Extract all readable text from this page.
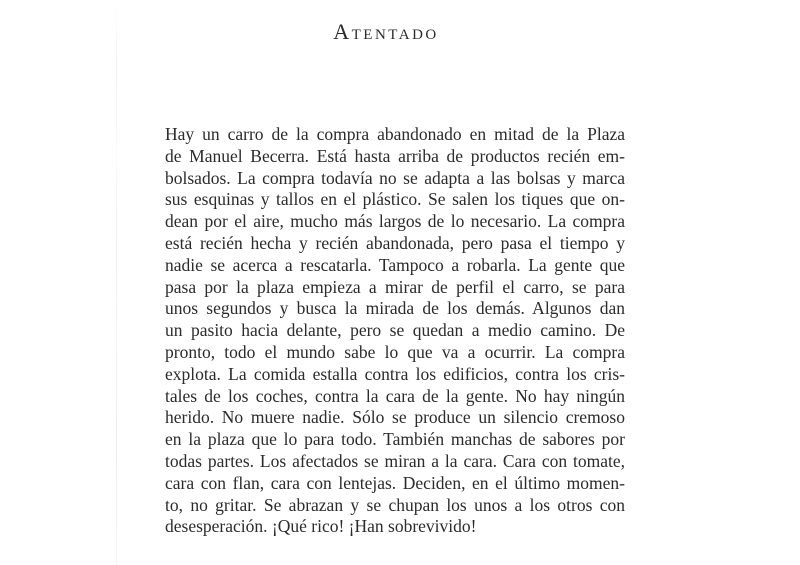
Atentado
Hay un carro de la compra abandonado en mitad de la Plaza
de Manuel Becerra. Está hasta arriba de productos recién em-
bolsados. La compra todavía no se adapta a las bolsas y marca
sus esquinas y tallos en el plástico. Se salen los tiques que on-
dean por el aire, mucho más largos de lo necesario. La compra
está recién hecha y recién abandonada, pero pasa el tiempo y
nadie se acerca a rescatarla. Tampoco a robarla. La gente que
pasa por la plaza empieza a mirar de perfil el carro, se para
unos segundos y busca la mirada de los demás. Algunos dan
un pasito hacia delante, pero se quedan a medio camino. De
pronto, todo el mundo sabe lo que va a ocurrir. La compra
explota. La comida estalla contra los edificios, contra los cris-
tales de los coches, contra la cara de la gente. No hay ningún
herido. No muere nadie. Sólo se produce un silencio cremoso
en la plaza que lo para todo. También manchas de sabores por
todas partes. Los afectados se miran a la cara. Cara con tomate,
cara con flan, cara con lentejas. Deciden, en el último momen-
to, no gritar. Se abrazan y se chupan los unos a los otros con
desesperación. ¡Qué rico! ¡Han sobrevivido!
